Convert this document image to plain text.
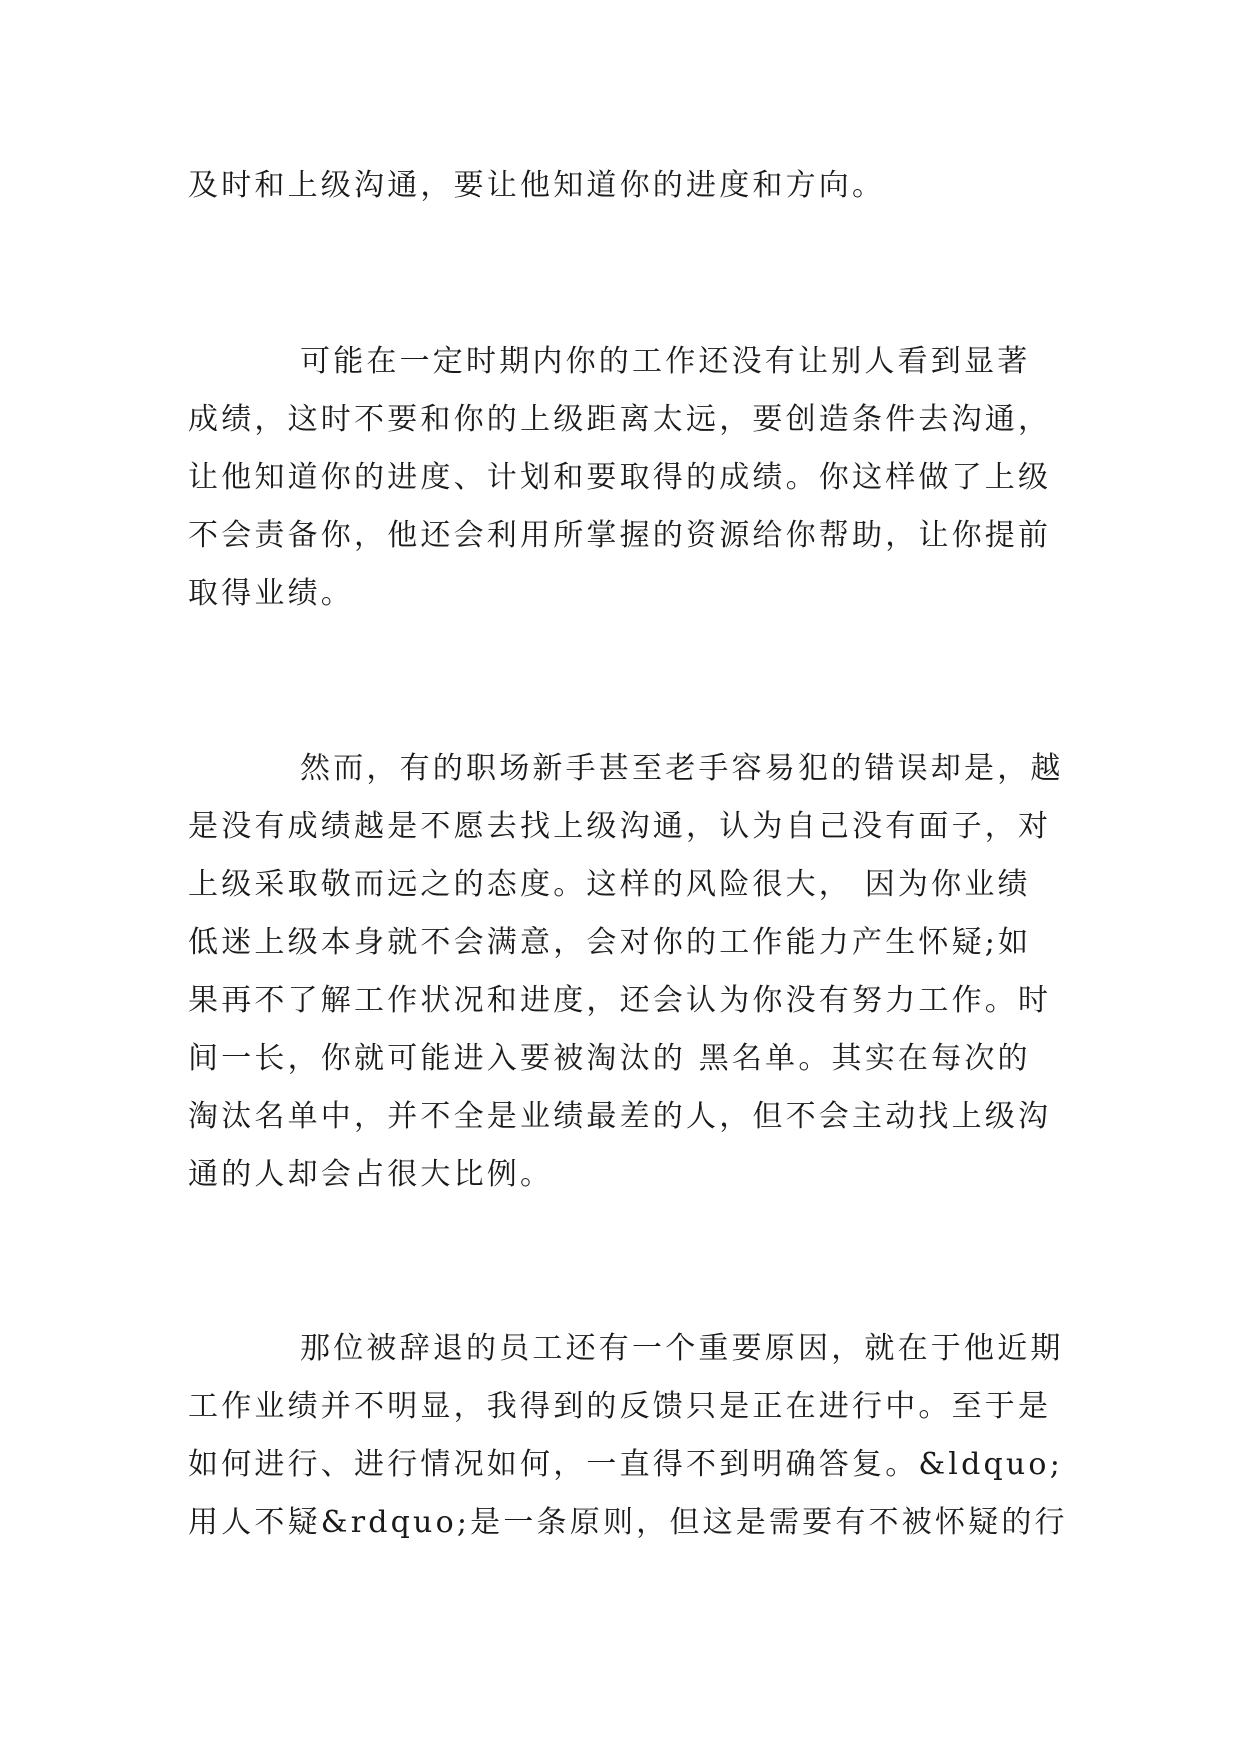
及时和上级沟通，要让他知道你的进度和方向。
可能在一定时期内你的工作还没有让别人看到显著
成绩，这时不要和你的上级距离太远，要创造条件去沟通，
让他知道你的进度、计划和要取得的成绩。你这样做了上级
不会责备你，他还会利用所掌握的资源给你帮助，让你提前
取得业绩。
然而，有的职场新手甚至老手容易犯的错误却是，越
是没有成绩越是不愿去找上级沟通，认为自己没有面子，对
上级采取敬而远之的态度。这样的风险很大， 因为你业绩
低迷上级本身就不会满意，会对你的工作能力产生怀疑;如
果再不了解工作状况和进度，还会认为你没有努力工作。时
间一长，你就可能进入要被淘汰的 黑名单。其实在每次的
淘汰名单中，并不全是业绩最差的人，但不会主动找上级沟
通的人却会占很大比例。
那位被辞退的员工还有一个重要原因，就在于他近期
工作业绩并不明显，我得到的反馈只是正在进行中。至于是
如何进行、进行情况如何，一直得不到明确答复。&ldquo;
用人不疑&rdquo;是一条原则，但这是需要有不被怀疑的行
